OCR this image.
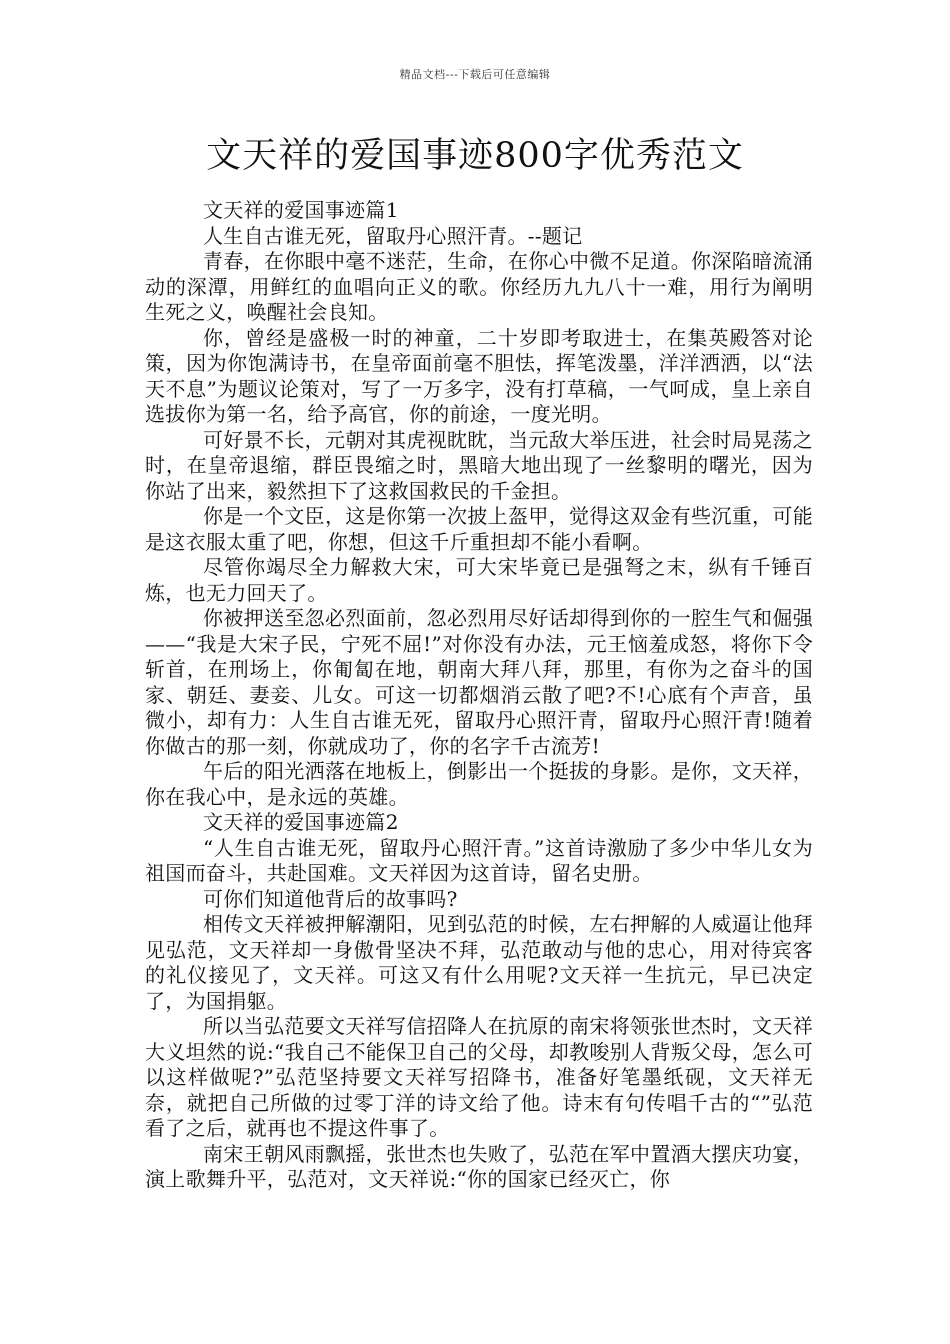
精品文档---下载后可任意编辑
文天祥的爱国事迹800字优秀范文

文天祥的爱国事迹篇1

人生自古谁无死，留取丹心照汗青。--题记

青春，在你眼中毫不迷茫，生命，在你心中微不足道。你深陷暗流涌动的深潭，用鲜红的血唱向正义的歌。你经历九九八十一难，用行为阐明生死之义，唤醒社会良知。

你，曾经是盛极一时的神童，二十岁即考取进士，在集英殿答对论策，因为你饱满诗书，在皇帝面前毫不胆怯，挥笔泼墨，洋洋洒洒，以“法天不息”为题议论策对，写了一万多字，没有打草稿，一气呵成，皇上亲自选拔你为第一名，给予高官，你的前途，一度光明。

可好景不长，元朝对其虎视眈眈，当元敌大举压进，社会时局晃荡之时，在皇帝退缩，群臣畏缩之时，黑暗大地出现了一丝黎明的曙光，因为你站了出来，毅然担下了这救国救民的千金担。

你是一个文臣，这是你第一次披上盔甲，觉得这双金有些沉重，可能是这衣服太重了吧，你想，但这千斤重担却不能小看啊。

尽管你竭尽全力解救大宋，可大宋毕竟已是强弩之末，纵有千锤百炼，也无力回天了。

你被押送至忽必烈面前，忽必烈用尽好话却得到你的一腔生气和倔强——“我是大宋子民，宁死不屈!”对你没有办法，元王恼羞成怒，将你下令斩首，在刑场上，你匍匐在地，朝南大拜八拜，那里，有你为之奋斗的国家、朝廷、妻妾、儿女。可这一切都烟消云散了吧?不!心底有个声音，虽微小，却有力：人生自古谁无死，留取丹心照汗青，留取丹心照汗青!随着你做古的那一刻，你就成功了，你的名字千古流芳!

午后的阳光洒落在地板上，倒影出一个挺拔的身影。是你，文天祥，你在我心中，是永远的英雄。

文天祥的爱国事迹篇2

“人生自古谁无死，留取丹心照汗青。”这首诗激励了多少中华儿女为祖国而奋斗，共赴国难。文天祥因为这首诗，留名史册。

可你们知道他背后的故事吗?

相传文天祥被押解潮阳，见到弘范的时候，左右押解的人威逼让他拜见弘范，文天祥却一身傲骨坚决不拜，弘范敢动与他的忠心，用对待宾客的礼仪接见了，文天祥。可这又有什么用呢?文天祥一生抗元，早已决定了，为国捐躯。

所以当弘范要文天祥写信招降人在抗原的南宋将领张世杰时，文天祥大义坦然的说:“我自己不能保卫自己的父母，却教唆别人背叛父母，怎么可以这样做呢?”弘范坚持要文天祥写招降书，准备好笔墨纸砚，文天祥无奈，就把自己所做的过零丁洋的诗文给了他。诗末有句传唱千古的“”弘范看了之后，就再也不提这件事了。

南宋王朝风雨飘摇，张世杰也失败了，弘范在军中置酒大摆庆功宴，演上歌舞升平，弘范对，文天祥说:“你的国家已经灭亡，你
